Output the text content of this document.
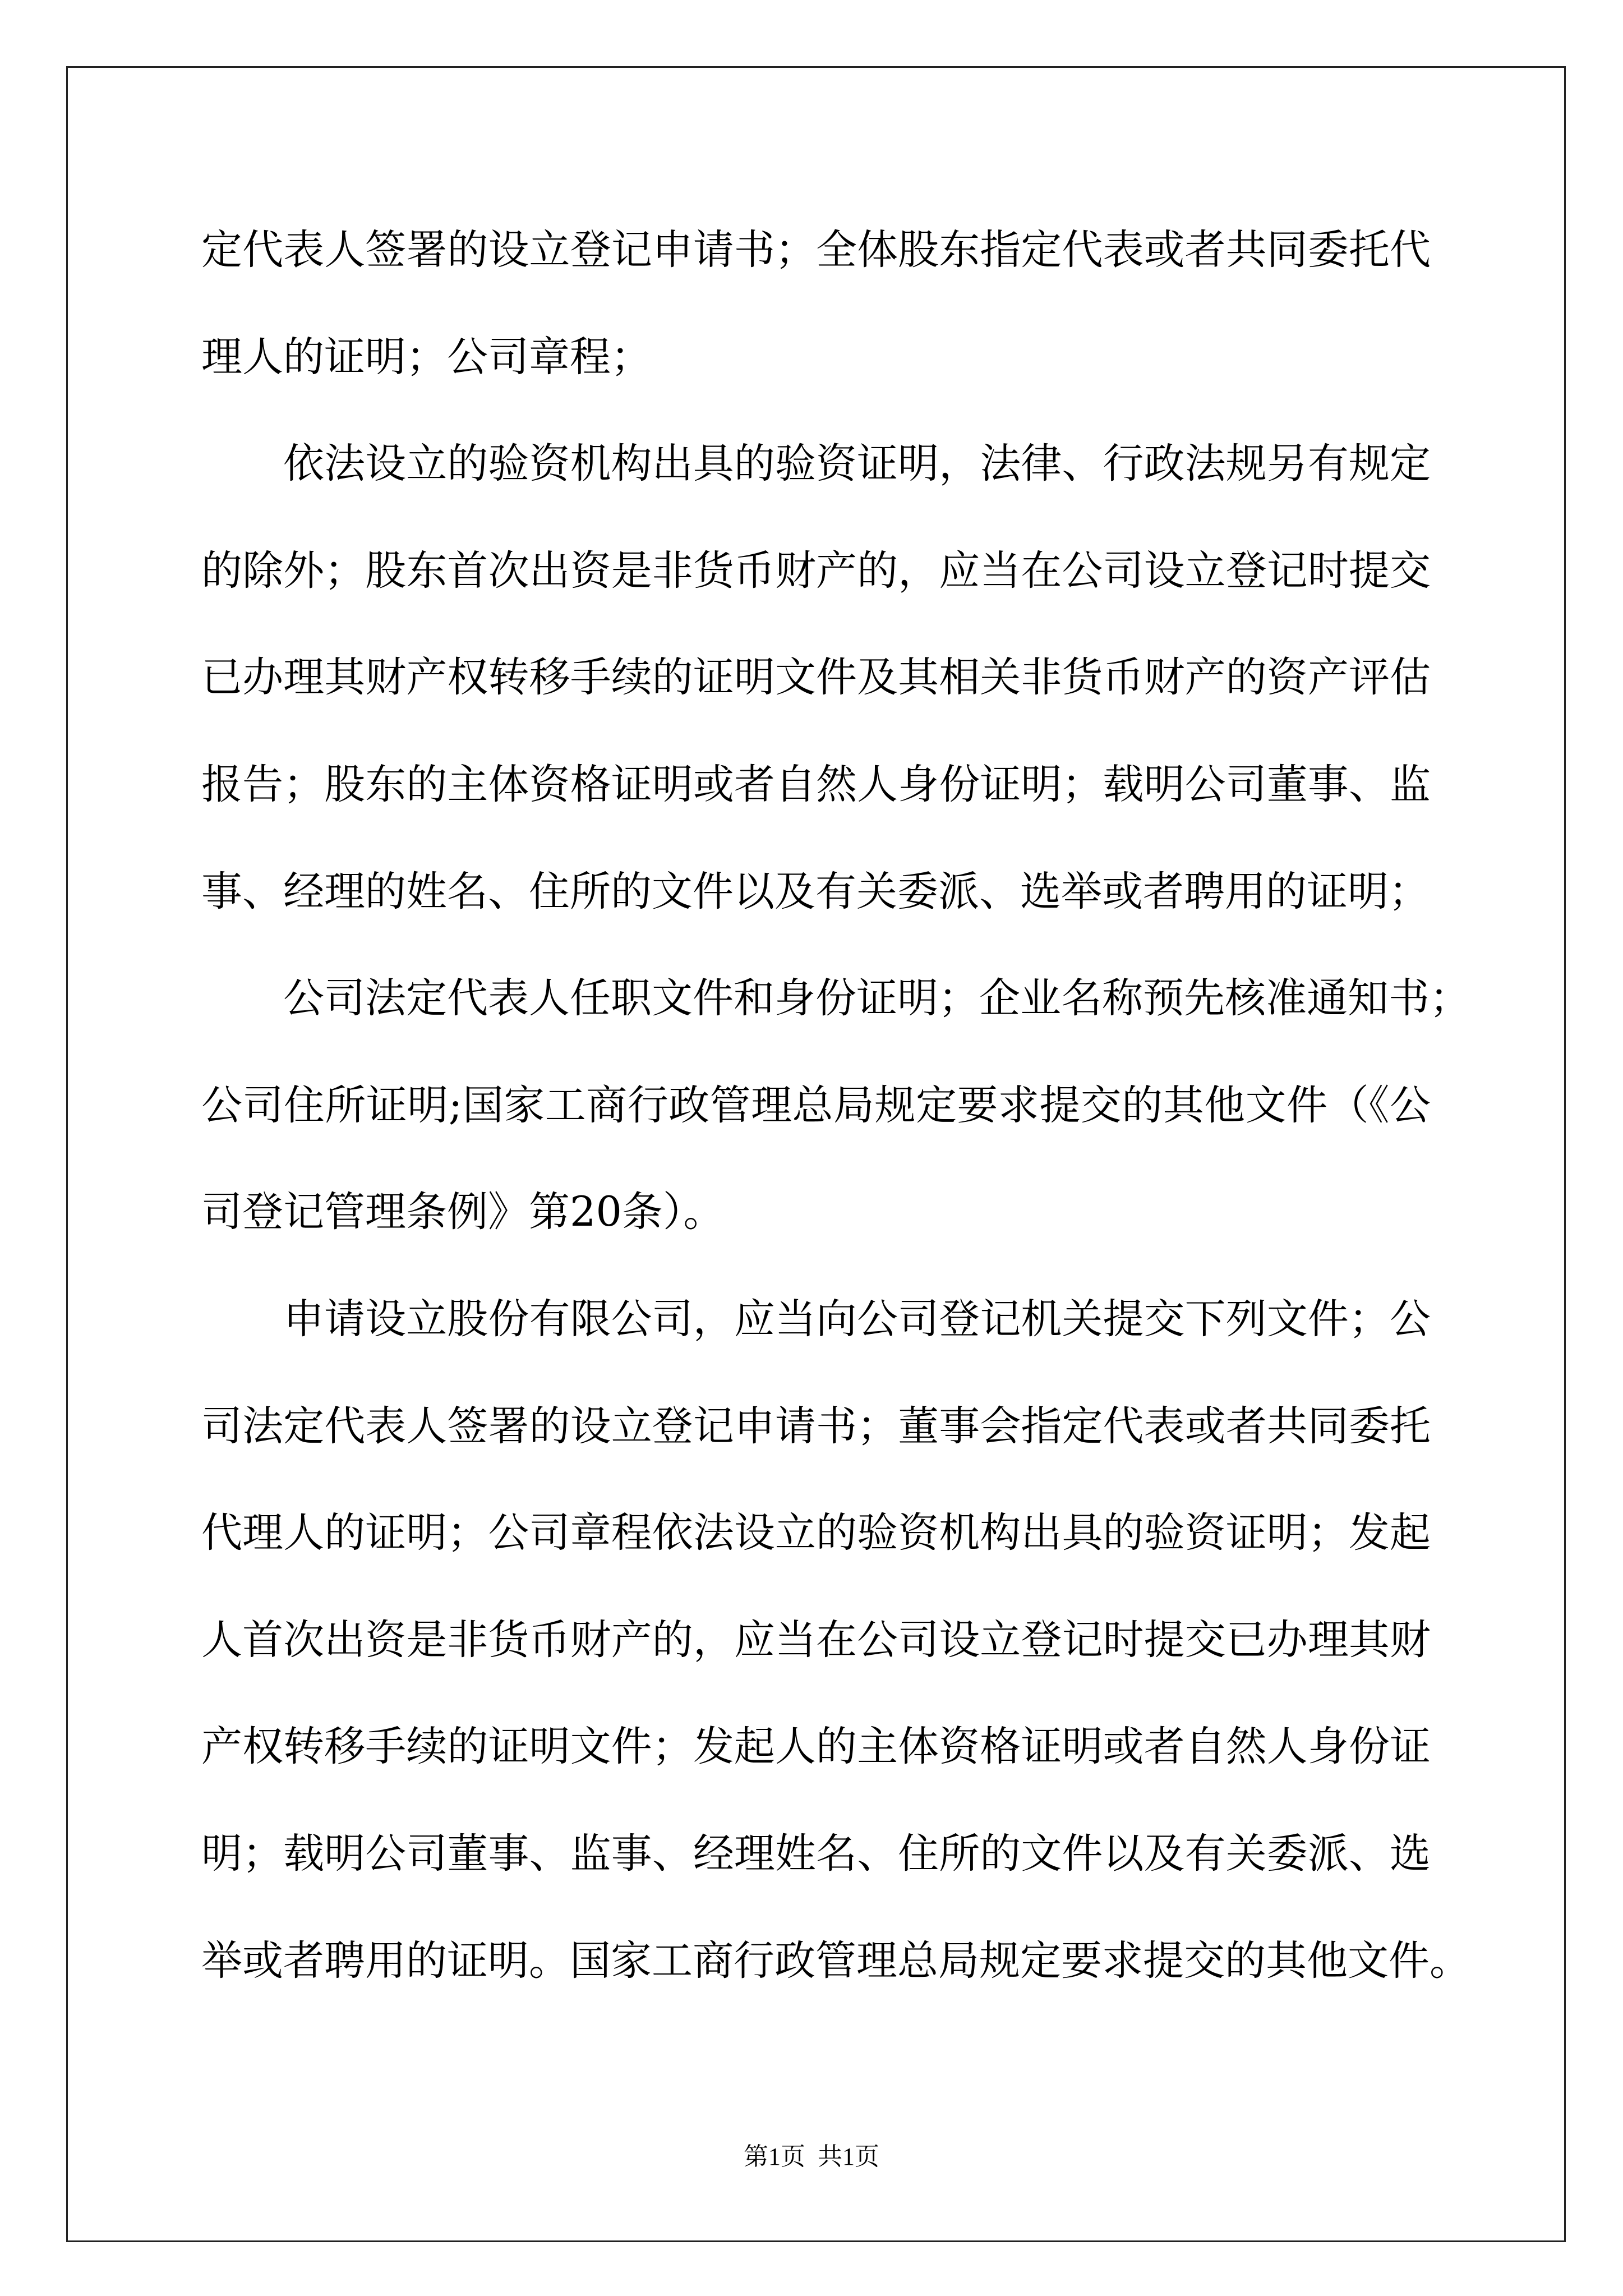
定代表人签署的设立登记申请书；全体股东指定代表或者共同委托代
理人的证明；公司章程；
依法设立的验资机构出具的验资证明，法律、行政法规另有规定
的除外；股东首次出资是非货币财产的，应当在公司设立登记时提交
已办理其财产权转移手续的证明文件及其相关非货币财产的资产评估
报告；股东的主体资格证明或者自然人身份证明；载明公司董事、监
事、经理的姓名、住所的文件以及有关委派、选举或者聘用的证明；
公司法定代表人任职文件和身份证明；企业名称预先核准通知书；
公司住所证明;国家工商行政管理总局规定要求提交的其他文件（《公
司登记管理条例》第20条）。
申请设立股份有限公司，应当向公司登记机关提交下列文件；公
司法定代表人签署的设立登记申请书；董事会指定代表或者共同委托
代理人的证明；公司章程依法设立的验资机构出具的验资证明；发起
人首次出资是非货币财产的，应当在公司设立登记时提交已办理其财
产权转移手续的证明文件；发起人的主体资格证明或者自然人身份证
明；载明公司董事、监事、经理姓名、住所的文件以及有关委派、选
举或者聘用的证明。国家工商行政管理总局规定要求提交的其他文件。
第1页  共1页
